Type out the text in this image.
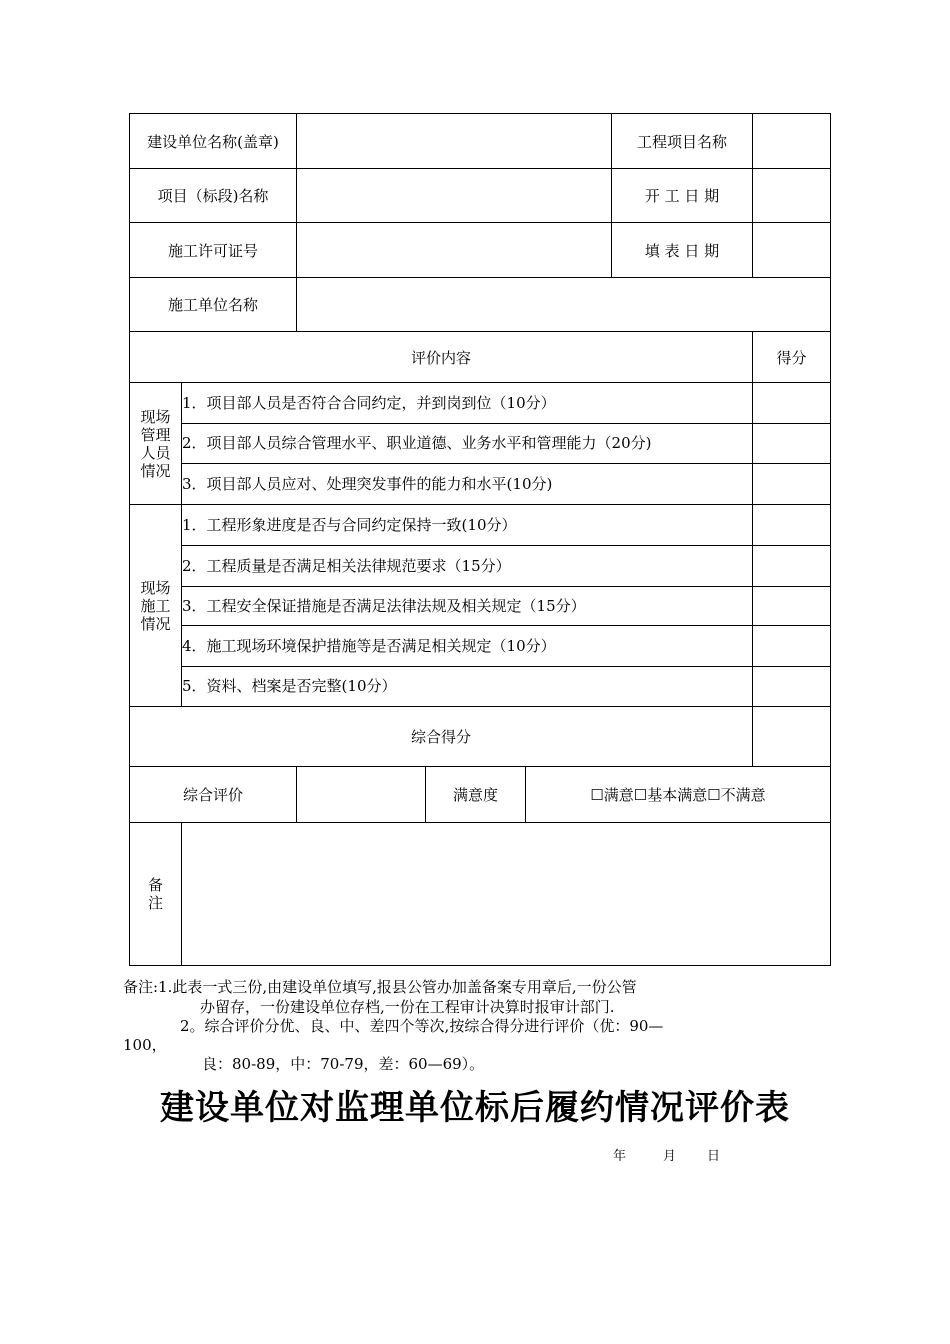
建设单位名称(盖章)					工程项目名称	
项目（标段)名称					开 工 日 期	
施工许可证号					填 表 日 期	
施工单位名称						
评价内容						得分
现场管理人员情况	1．项目部人员是否符合合同约定，并到岗到位（10分）					
	2．项目部人员综合管理水平、职业道德、业务水平和管理能力（20分)					
	3．项目部人员应对、处理突发事件的能力和水平(10分)					
现场施工情况	1．工程形象进度是否与合同约定保持一致(10分）					
	2．工程质量是否满足相关法律规范要求（15分）					
	3．工程安全保证措施是否满足法律法规及相关规定（15分）					
	4．施工现场环境保护措施等是否满足相关规定（10分）					
	5．资料、档案是否完整(10分）					
综合得分						
综合评价			满意度	☐满意☐基本满意☐不满意		
备注						
备注:1.此表一式三份,由建设单位填写,报县公管办加盖备案专用章后,一份公管
办留存，一份建设单位存档,一份在工程审计决算时报审计部门.
2。综合评价分优、良、中、差四个等次,按综合得分进行评价（优：90—
100，
良：80-89，中：70-79，差：60—69）。
建设单位对监理单位标后履约情况评价表
年	月 日
